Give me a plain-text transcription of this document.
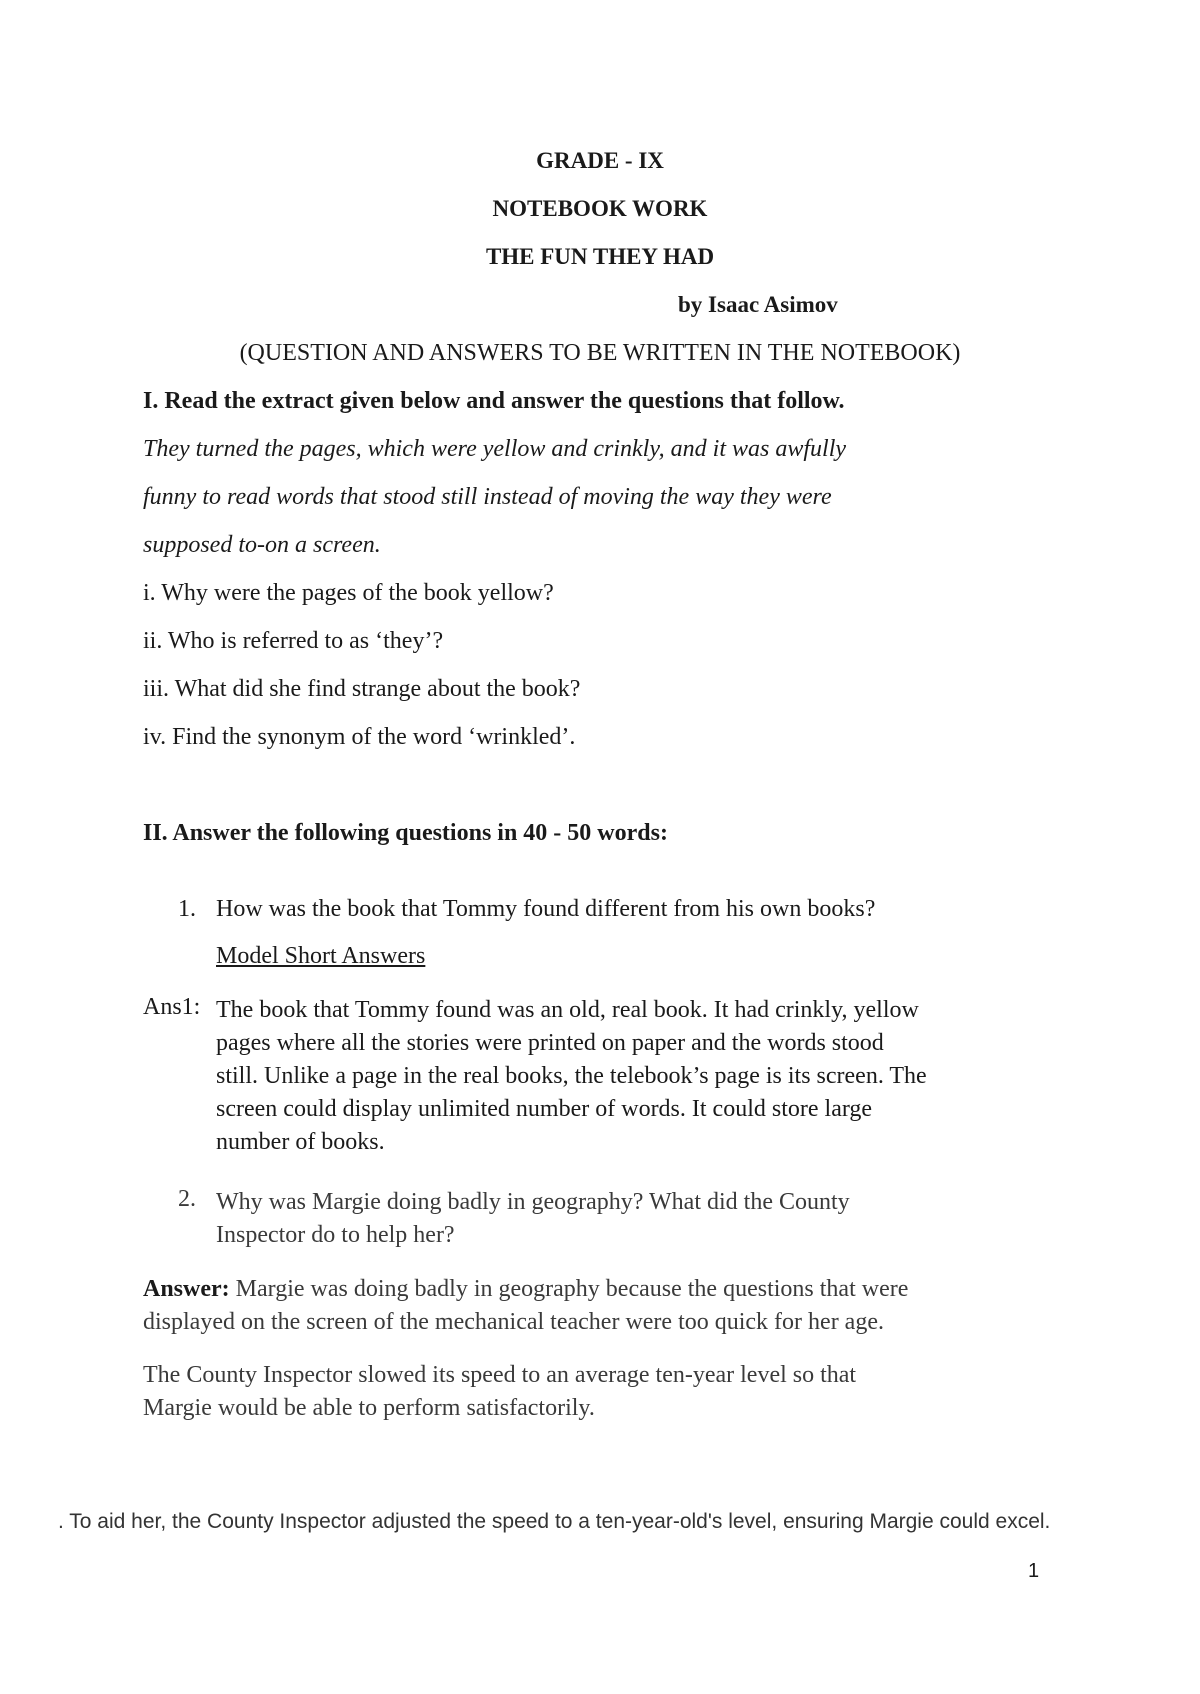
GRADE - IX
NOTEBOOK WORK
THE FUN THEY HAD
by Isaac Asimov
(QUESTION AND ANSWERS TO BE WRITTEN IN THE NOTEBOOK)
I. Read the extract given below and answer the questions that follow.
They turned the pages, which were yellow and crinkly, and it was awfully
funny to read words that stood still instead of moving the way they were
supposed to-on a screen.
i. Why were the pages of the book yellow?
ii. Who is referred to as ‘they’?
iii. What did she find strange about the book?
iv. Find the synonym of the word ‘wrinkled’.
II. Answer the following questions in 40 - 50 words:
1. How was the book that Tommy found different from his own books?
Model Short Answers
Ans1: The book that Tommy found was an old, real book. It had crinkly, yellow
pages where all the stories were printed on paper and the words stood
still. Unlike a page in the real books, the telebook’s page is its screen. The
screen could display unlimited number of words. It could store large
number of books.
2. Why was Margie doing badly in geography? What did the County
Inspector do to help her?
Answer: Margie was doing badly in geography because the questions that were
displayed on the screen of the mechanical teacher were too quick for her age.
The County Inspector slowed its speed to an average ten-year level so that
Margie would be able to perform satisfactorily.
. To aid her, the County Inspector adjusted the speed to a ten-year-old's level, ensuring Margie could excel.
1
